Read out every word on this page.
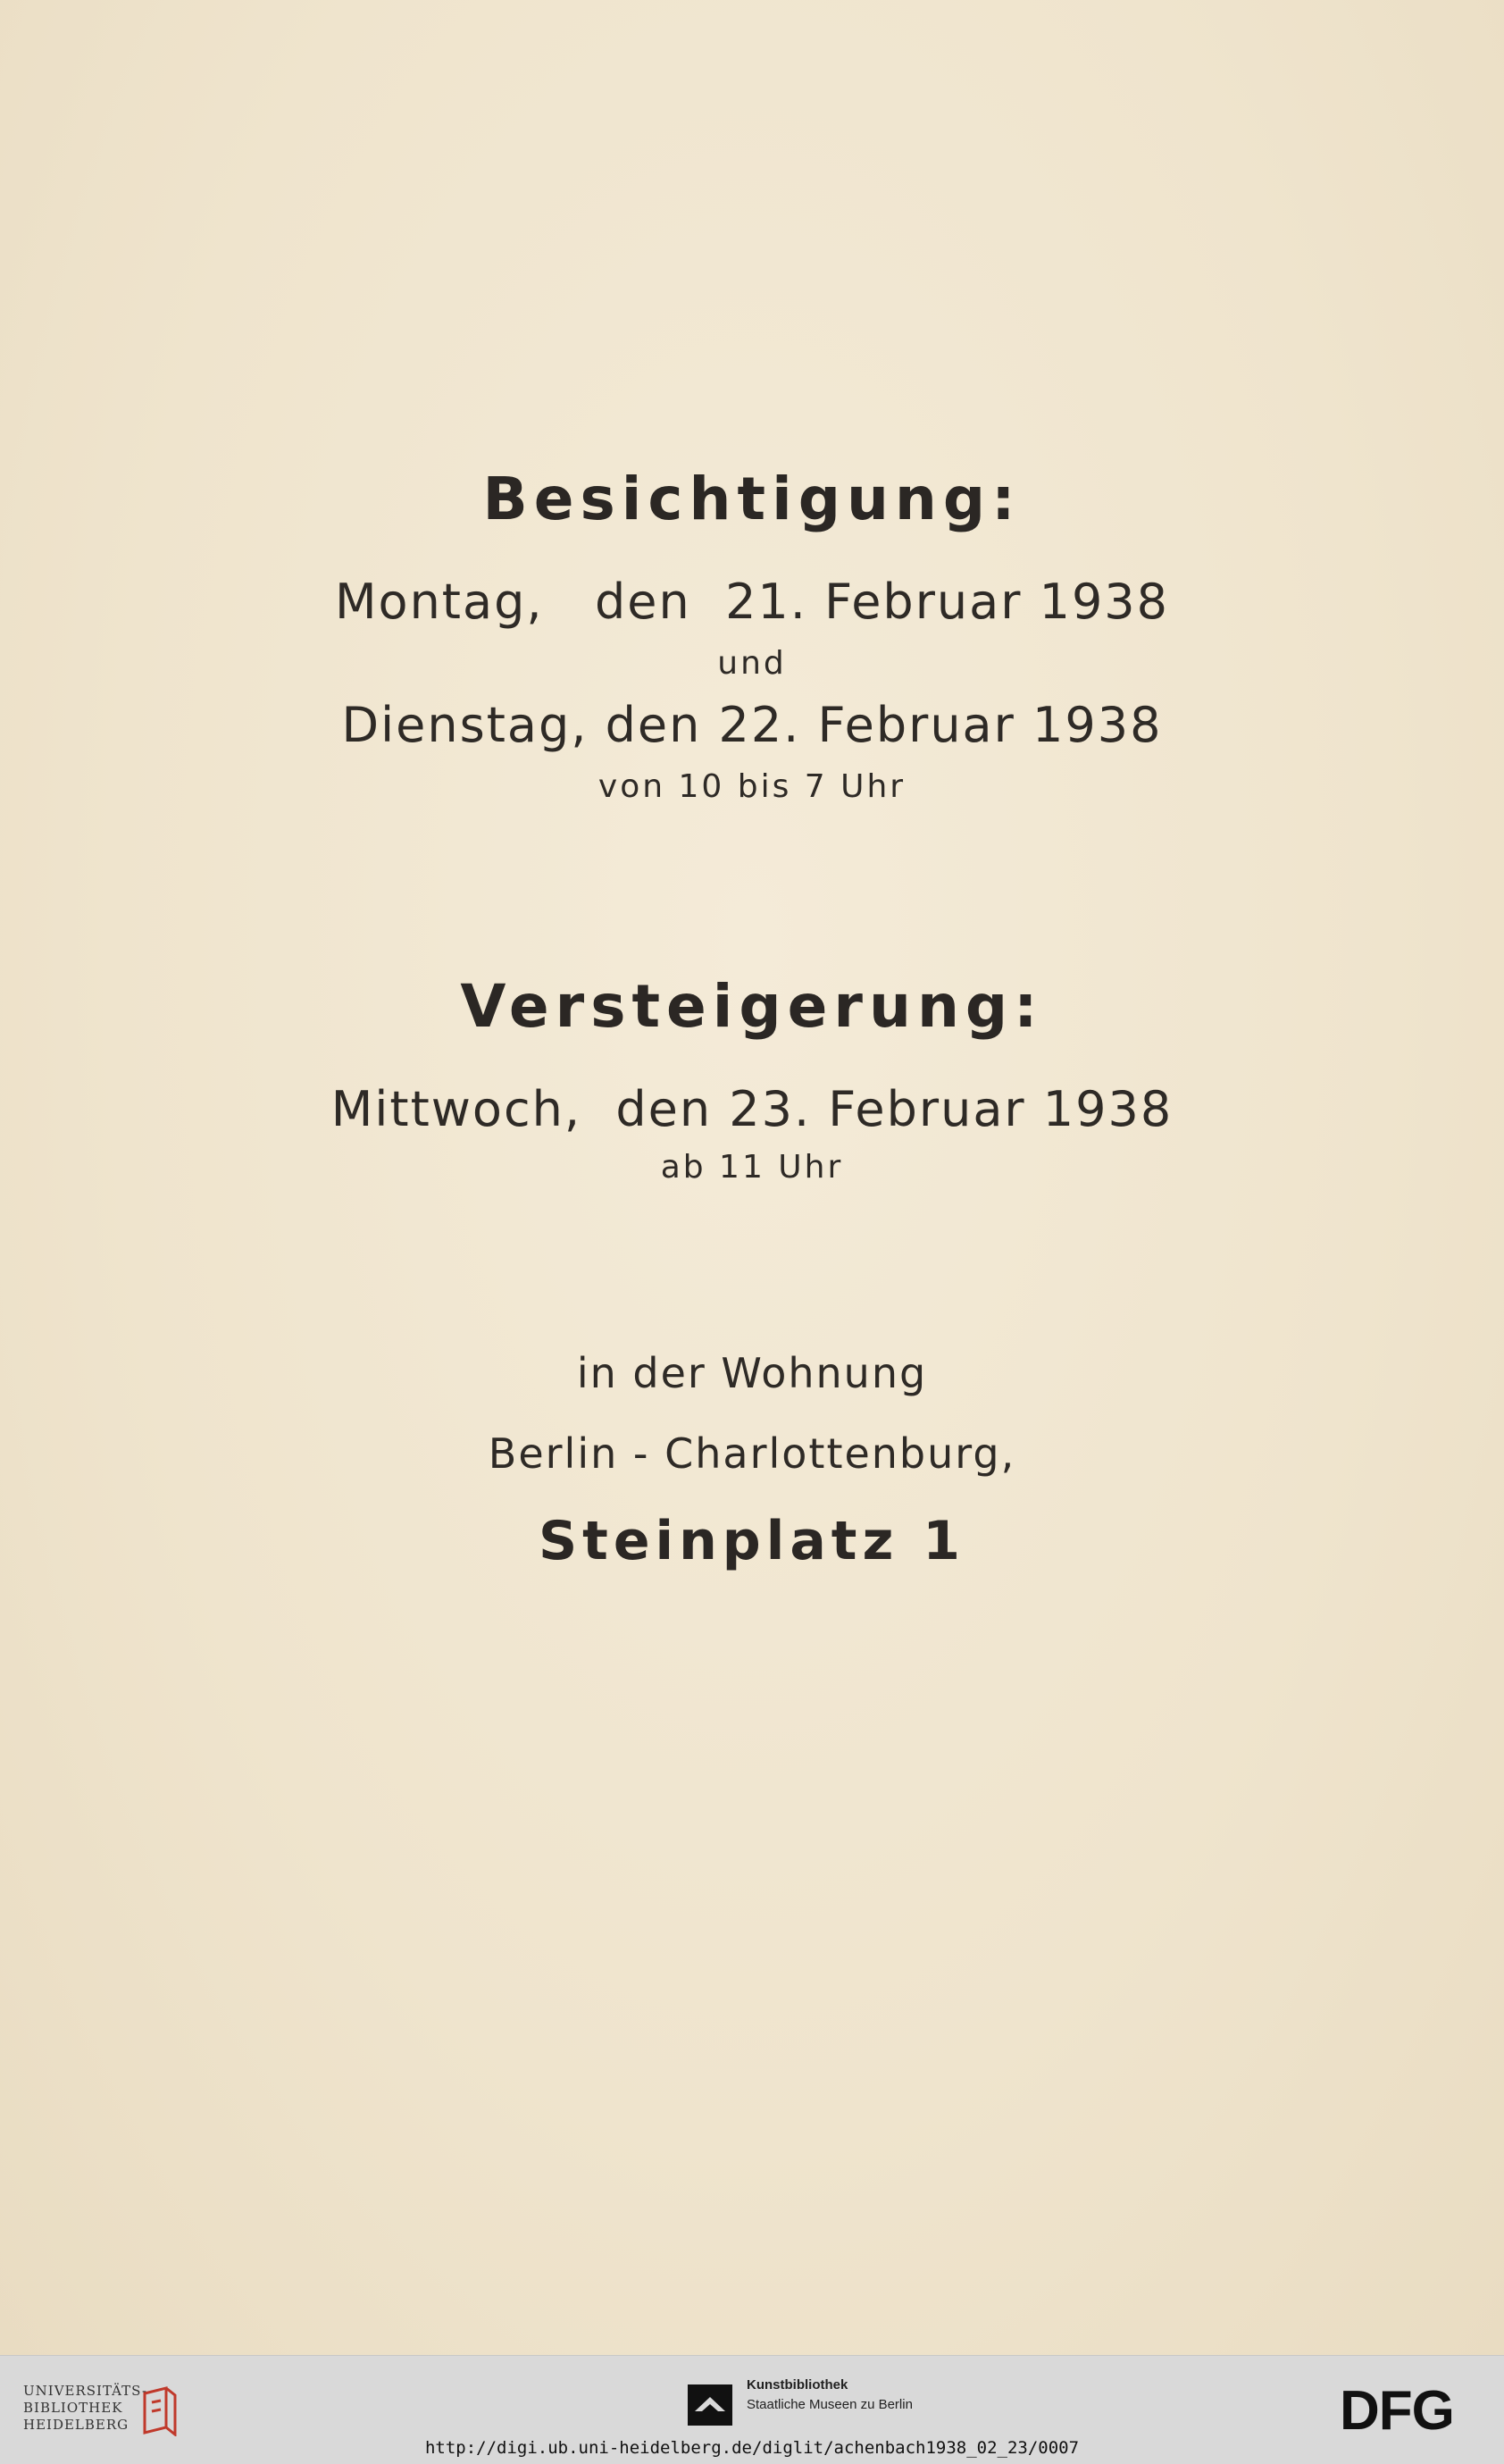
Besichtigung:
Montag,   den  21. Februar 1938
und
Dienstag, den 22. Februar 1938
von 10 bis 7 Uhr
Versteigerung:
Mittwoch,  den 23. Februar 1938
ab 11 Uhr
in der Wohnung
Berlin - Charlottenburg,
Steinplatz 1
UNIVERSITÄTS-
BIBLIOTHEK
HEIDELBERG
Kunstbibliothek
Staatliche Museen zu Berlin	DFG
http://digi.ub.uni-heidelberg.de/diglit/achenbach1938_02_23/0007
